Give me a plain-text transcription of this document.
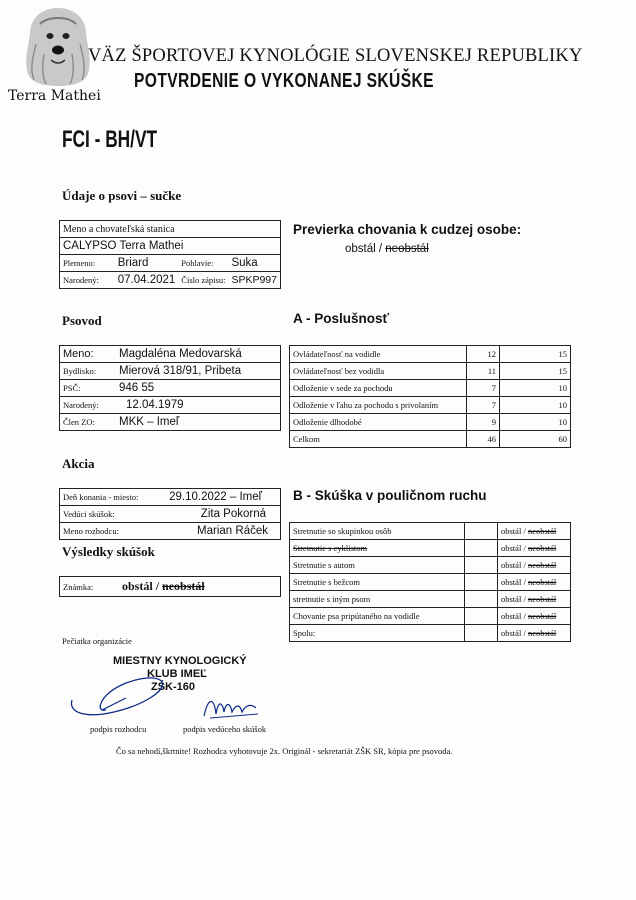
Terra Mathei
VÄZ ŠPORTOVEJ KYNOLÓGIE SLOVENSKEJ REPUBLIKY
POTVRDENIE O VYKONANEJ SKÚŠKE
FCI - BH/VT
Údaje o psovi – sučke
Meno a chovateľská stanica			
CALYPSO Terra Mathei			
Plemeno:	Briard	Pohlavie:	Suka
Narodený:	07.04.2021	Číslo zápisu:	SPKP997
Previerka chovania k cudzej osobe:
obstál / neobstál
Psovod
Meno:	Magdaléna Medovarská
Bydlisko:	Mierová 318/91, Pribeta
PSČ:	946 55
Narodený:	12.04.1979
Člen ZO:	MKK – Imeľ
A - Poslušnosť
Ovládateľnosť na vodidle	12	15
Ovládateľnosť bez vodidla	11	15
Odloženie v sede za pochodu	7	10
Odloženie v ľahu za pochodu s privolaním	7	10
Odloženie dlhodobé	9	10
Celkom	46	60
Akcia
Deň konania - miesto:	29.10.2022 – Imeľ
Vedúci skúšok:	Zita Pokorná
Meno rozhodcu:	Marian Ráček
Výsledky skúšok
Známka:	obstál / neobstál
B - Skúška v pouličnom ruchu
Stretnutie so skupinkou osôb		obstál / neobstál
Stretnutie s cyklistom		obstál / neobstál
Stretnutie s autom		obstál / neobstál
Stretnutie s bežcom		obstál / neobstál
stretnutie s iným psom		obstál / neobstál
Chovanie psa pripútaného na vodidle		obstál / neobstál
Spolu:		obstál / neobstál
Pečiatka organizácie
MIESTNY KYNOLOGICKÝ
KLUB IMEĽ
ZŠK-160
podpis rozhodcu	podpis vedúceho skúšok
Čo sa nehodí,škrtnite! Rozhodca vyhotovuje 2x. Originál - sekretariát ZŠK SR, kópia pre psovoda.
